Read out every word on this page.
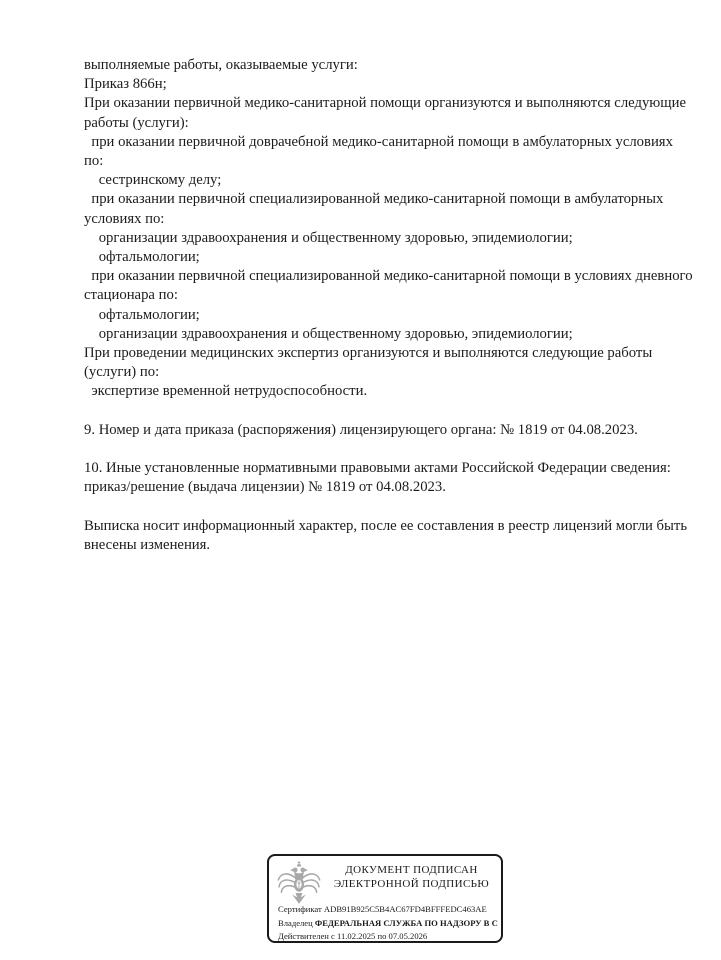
выполняемые работы, оказываемые услуги:
Приказ 866н;
При оказании первичной медико-санитарной помощи организуются и выполняются следующие
работы (услуги):
при оказании первичной доврачебной медико-санитарной помощи в амбулаторных условиях
по:
сестринскому делу;
при оказании первичной специализированной медико-санитарной помощи в амбулаторных
условиях по:
организации здравоохранения и общественному здоровью, эпидемиологии;
офтальмологии;
при оказании первичной специализированной медико-санитарной помощи в условиях дневного
стационара по:
офтальмологии;
организации здравоохранения и общественному здоровью, эпидемиологии;
При проведении медицинских экспертиз организуются и выполняются следующие работы
(услуги) по:
экспертизе временной нетрудоспособности.

9. Номер и дата приказа (распоряжения) лицензирующего органа: № 1819 от 04.08.2023.

10. Иные установленные нормативными правовыми актами Российской Федерации сведения:
приказ/решение (выдача лицензии) № 1819 от 04.08.2023.

Выписка носит информационный характер, после ее составления в реестр лицензий могли быть
внесены изменения.
ДОКУМЕНТ ПОДПИСАН
ЭЛЕКТРОННОЙ ПОДПИСЬЮ
Сертификат ADB91B925C5B4AC67FD4BFFFEDC463AE
Владелец ФЕДЕРАЛЬНАЯ СЛУЖБА ПО НАДЗОРУ В С
Действителен с 11.02.2025 по 07.05.2026
